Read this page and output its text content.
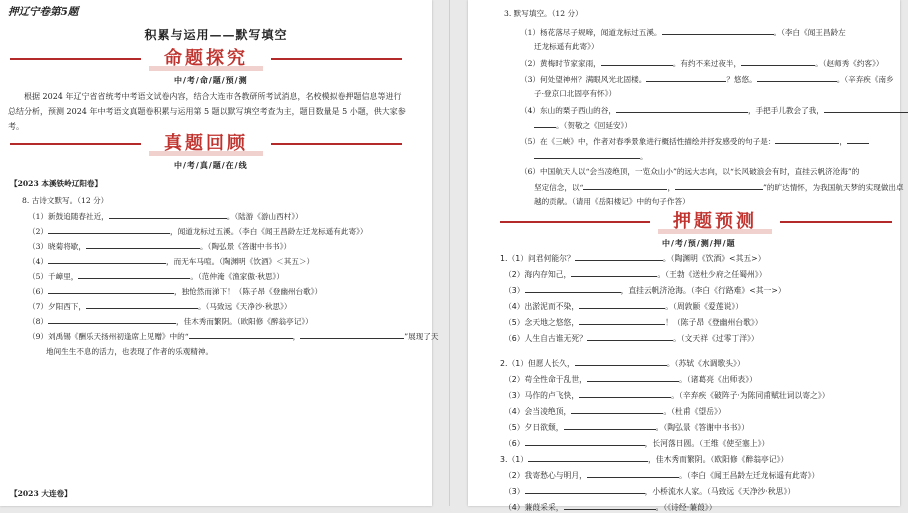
押辽宁卷第5题
积累与运用——默写填空
命题探究
中/考/命/题/预/测
根据 2024 年辽宁省省统考中考语文试卷内容，结合大连市各教研所考试消息，名校模拟卷押题信息等进行总结分析，预测 2024 年中考语文真题卷积累与运用第 5 题以默写填空考查为主，题目数量是 5 小题，供大家参考。
真题回顾
中/考/真/题/在/线
【2023 本溪铁岭辽阳卷】
8. 古诗文默写。（12 分）
（1）新鼓追随春社近，	。（陆游《游山西村》）
（2）	，闻道龙标过五溪。（李白《闻王昌龄左迁龙标遥有此寄》）
（3）晓菊将歇，	。（陶弘景《答谢中书书》）
（4）	，而无车马喧。（陶渊明《饮酒》＜其五＞）
（5）千嶂里，	。（范仲淹《渔家傲·秋思》）
（6）	，独怆然而涕下！（陈子昂《登幽州台歌》）
（7）夕阳西下，	。（马致远《天净沙·秋思》）
（8）	，佳木秀而繁阴。（欧阳修《醉翁亭记》）
（9）刘禹锡《酬乐天扬州初逢席上见赠》中的“	，	”展现了天
地间生生不息的活力，也表现了作者的乐观精神。
【2023 大连卷】
3. 默写填空。（12 分）
（1）杨花落尽子规啼，闻道龙标过五溪。	。（李白《闻王昌龄左
迁龙标遥有此寄》）
（2）黄梅时节家家雨，	。有约不来过夜半，	。（赵师秀《约客》）
（3）何处望神州？满眼风光北固楼。	？悠悠。	。（辛弃疾《南乡
子·登京口北固亭有怀》）
（4）东山的栗子西山的谷，	，手把手儿教会了我，
。（贺敬之《回延安》）
（5）在《三峡》中，作者对春季景象进行概括性描绘并抒发感受的句子是：	，
。
（6）中国航天人以“会当凌绝顶，一览众山小”的远大志向，以“长风破浪会有时，直挂云帆济沧海”的
坚定信念，以“	，	”的旷达情怀，为我国航天梦的实现做出卓
越的贡献。（请用《岳阳楼记》中的句子作答）
押题预测
中/考/预/测/押/题
1.（1）问君何能尔？	。（陶渊明《饮酒》<其五>）
（2）海内存知己，	。（王勃《送杜少府之任蜀州》）
（3）	，直挂云帆济沧海。（李白《行路难》<其一>）
（4）出淤泥而不染，	。（周敦颐《爱莲说》）
（5）念天地之悠悠，	！（陈子昂《登幽州台歌》）
（6）人生自古谁无死？	。（文天祥《过零丁洋》）
2.（1）但愿人长久，	。（苏轼《水调歌头》）
（2）苟全性命于乱世，	。（诸葛亮《出师表》）
（3）马作的卢飞快，	。（辛弃疾《破阵子·为陈同甫赋壮词以寄之》）
（4）会当凌绝顶，	。（杜甫《望岳》）
（5）夕日欲颓，	。（陶弘景《答谢中书书》）
（6）	，长河落日圆。（王维《使至塞上》）
3.（1）	，佳木秀而繁阴。（欧阳修《醉翁亭记》）
（2）我寄愁心与明月，	。（李白《闻王昌龄左迁龙标遥有此寄》）
（3）	，小桥流水人家。（马致远《天净沙·秋思》）
（4）蒹葭采采，	。（《诗经·蒹葭》）
